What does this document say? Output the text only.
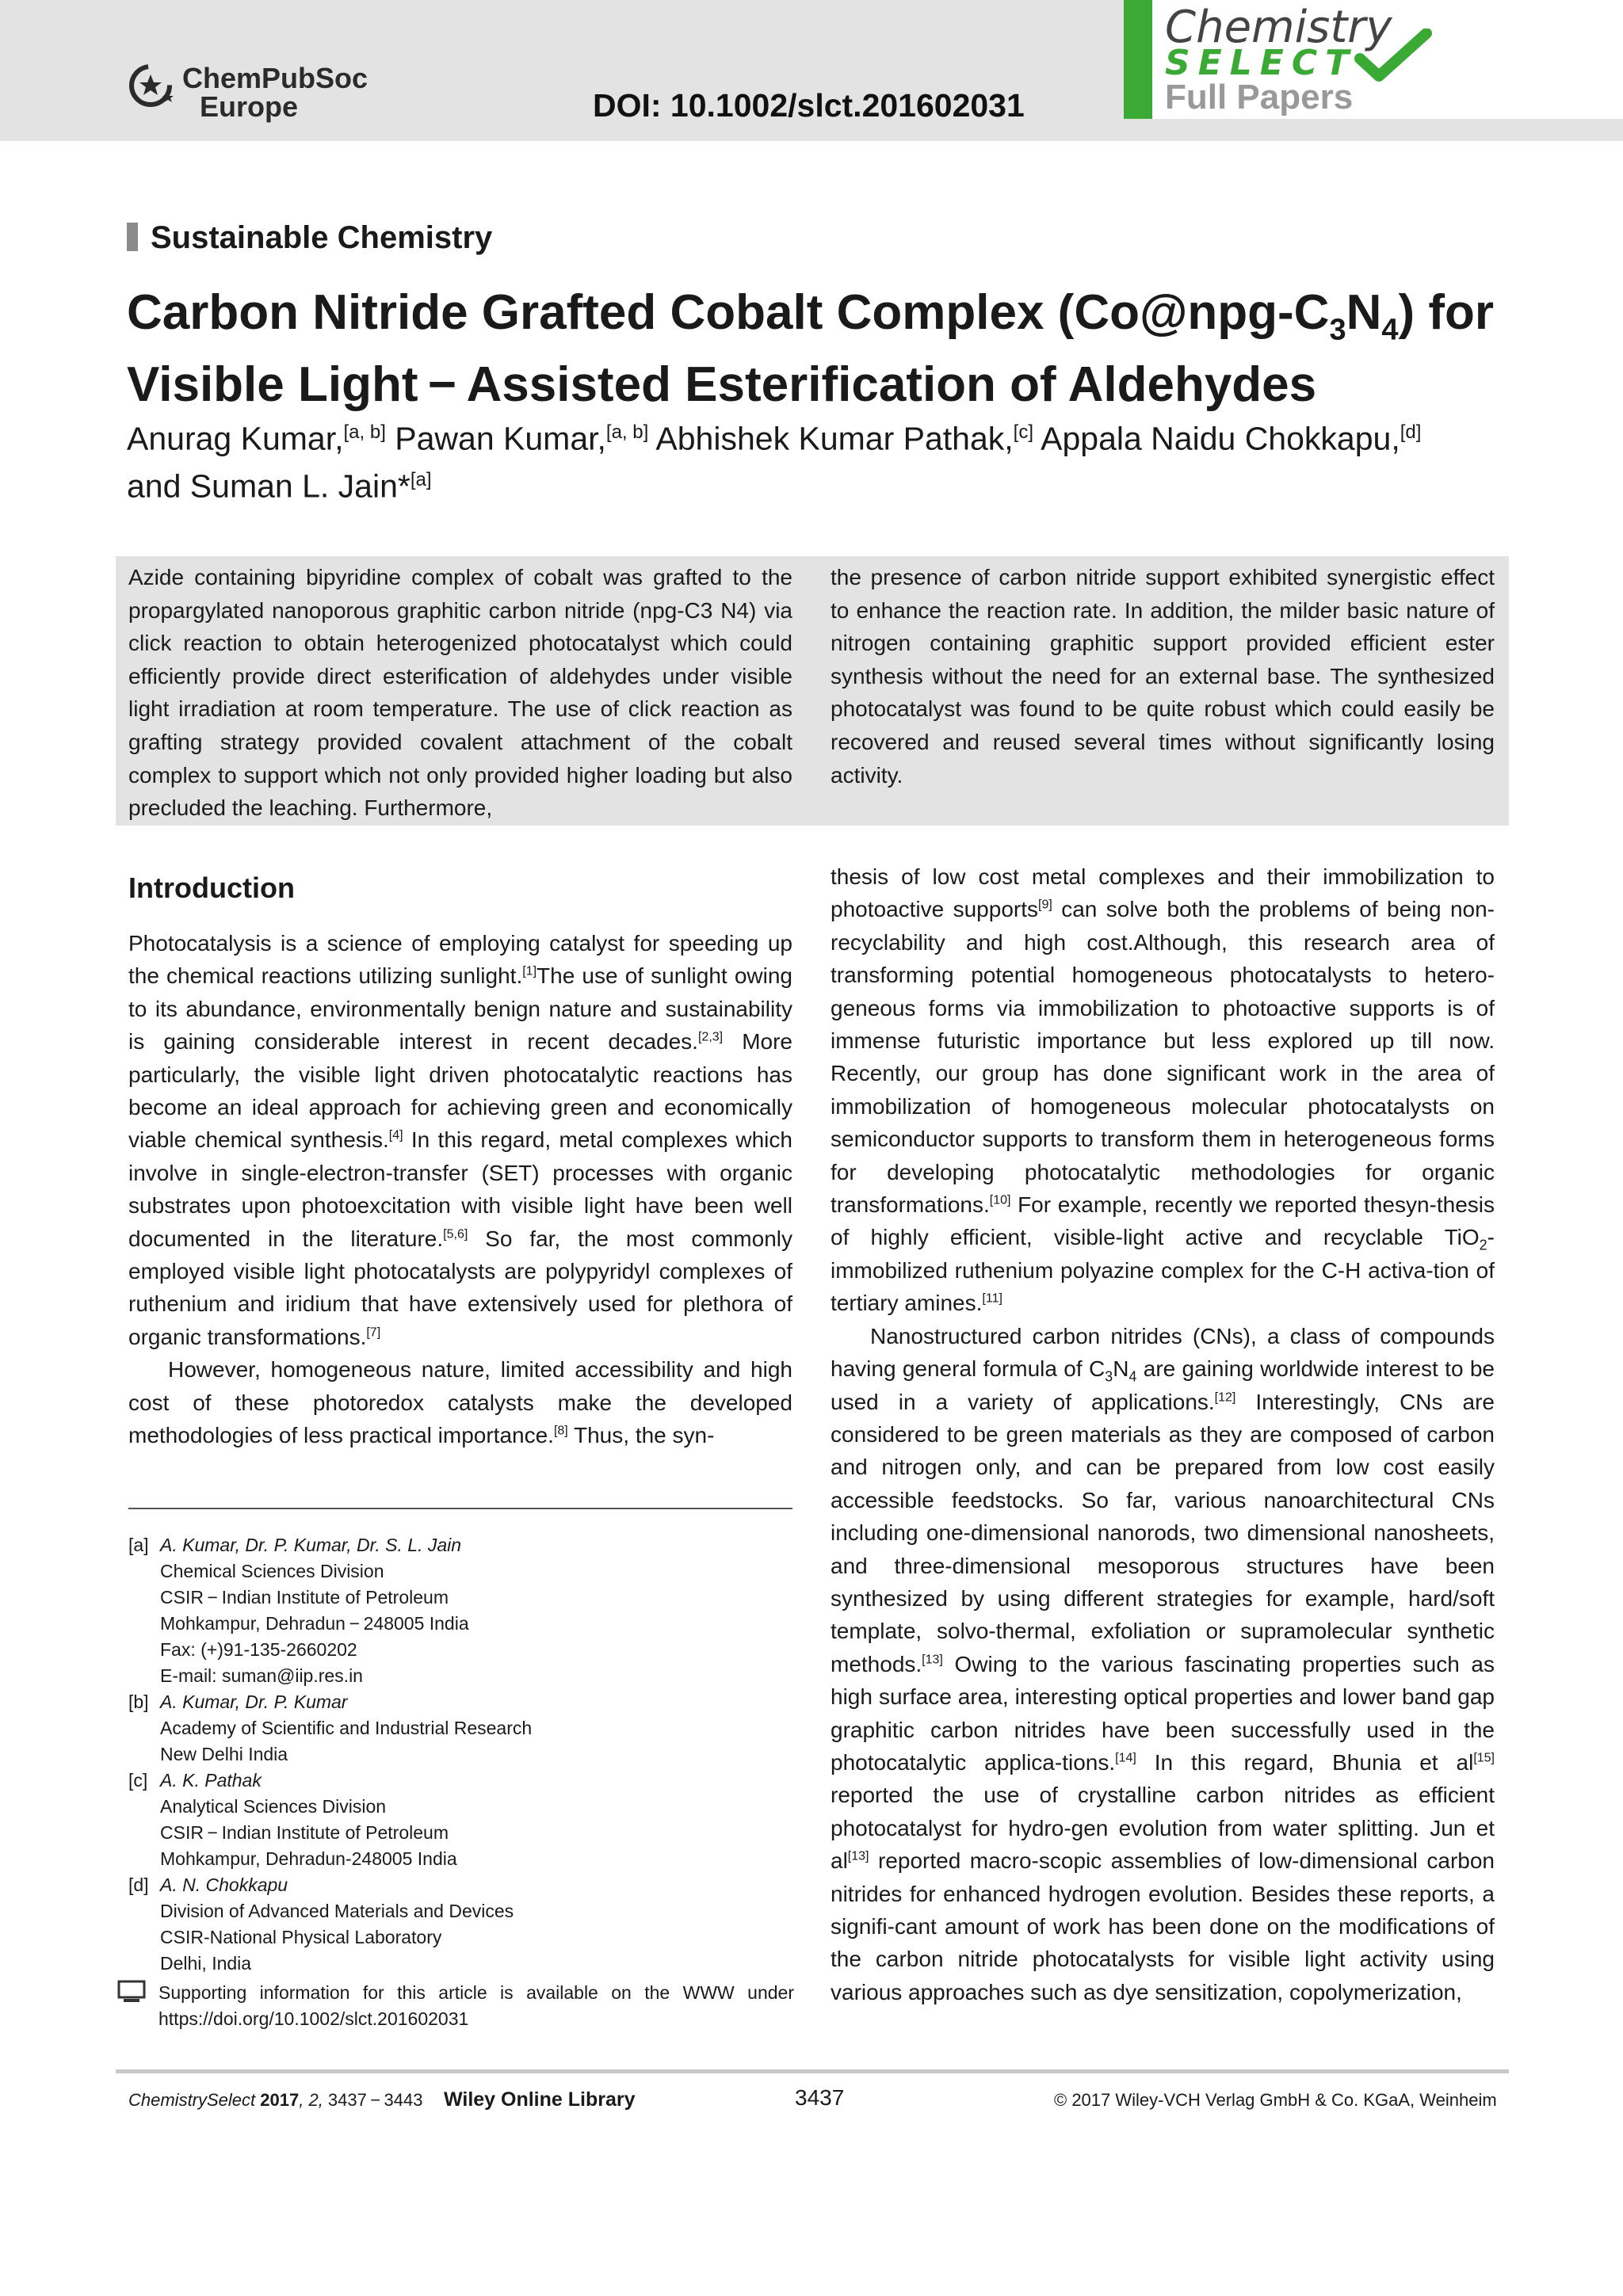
ChemPubSoc
Europe	DOI: 10.1002/slct.201602031
Chemistry
SELECT
Full Papers
Sustainable Chemistry
Carbon Nitride Grafted Cobalt Complex $(Co@npg-C_3N_4)$ for
Visible Light − Assisted Esterification of Aldehydes
Anurag Kumar,[a, b] Pawan Kumar,[a, b] Abhishek Kumar Pathak,[c] Appala Naidu Chokkapu,[d]
and Suman L. Jain*[a]
Azide containing bipyridine complex of cobalt was grafted to the propargylated nanoporous graphitic carbon nitride (npg-C3 N4) via click reaction to obtain heterogenized photocatalyst which could efficiently provide direct esterification of aldehydes under visible light irradiation at room temperature. The use of click reaction as grafting strategy provided covalent attachment of the cobalt complex to support which not only provided higher loading but also precluded the leaching. Furthermore,
the presence of carbon nitride support exhibited synergistic effect to enhance the reaction rate. In addition, the milder basic nature of nitrogen containing graphitic support provided efficient ester synthesis without the need for an external base. The synthesized photocatalyst was found to be quite robust which could easily be recovered and reused several times without significantly losing activity.
Introduction

Photocatalysis is a science of employing catalyst for speeding up the chemical reactions utilizing sunlight.[1]The use of sunlight owing to its abundance, environmentally benign nature and sustainability is gaining considerable interest in recent decades.[2,3] More particularly, the visible light driven photocatalytic reactions has become an ideal approach for achieving green and economically viable chemical synthesis.[4] In this regard, metal complexes which involve in single-electron-transfer (SET) processes with organic substrates upon photoexcitation with visible light have been well documented in the literature.[5,6] So far, the most commonly employed visible light photocatalysts are polypyridyl complexes of ruthenium and iridium that have extensively used for plethora of organic transformations.[7]

However, homogeneous nature, limited accessibility and high cost of these photoredox catalysts make the developed methodologies of less practical importance.[8] Thus, the syn-

thesis of low cost metal complexes and their immobilization to photoactive supports[9] can solve both the problems of being non-recyclability and high cost.Although, this research area of transforming potential homogeneous photocatalysts to hetero-geneous forms via immobilization to photoactive supports is of immense futuristic importance but less explored up till now. Recently, our group has done significant work in the area of immobilization of homogeneous molecular photocatalysts on semiconductor supports to transform them in heterogeneous forms for developing photocatalytic methodologies for organic transformations.[10] For example, recently we reported thesyn-thesis of highly efficient, visible-light active and recyclable TiO$_2$-immobilized ruthenium polyazine complex for the C-H activa-tion of tertiary amines.[11]

Nanostructured carbon nitrides (CNs), a class of compounds having general formula of $C_3N_4$ are gaining worldwide interest to be used in a variety of applications.[12] Interestingly, CNs are considered to be green materials as they are composed of carbon and nitrogen only, and can be prepared from low cost easily accessible feedstocks. So far, various nanoarchitectural CNs including one-dimensional nanorods, two dimensional nanosheets, and three-dimensional mesoporous structures have been synthesized by using different strategies for example, hard/soft template, solvo-thermal, exfoliation or supramolecular synthetic methods.[13] Owing to the various fascinating properties such as high surface area, interesting optical properties and lower band gap graphitic carbon nitrides have been successfully used in the photocatalytic applica-tions.[14] In this regard, Bhunia et al[15] reported the use of crystalline carbon nitrides as efficient photocatalyst for hydro-gen evolution from water splitting. Jun et al[13] reported macro-scopic assemblies of low-dimensional carbon nitrides for enhanced hydrogen evolution. Besides these reports, a signifi-cant amount of work has been done on the modifications of the carbon nitride photocatalysts for visible light activity using various approaches such as dye sensitization, copolymerization,

[a] A. Kumar, Dr. P. Kumar, Dr. S. L. Jain
Chemical Sciences Division
CSIR − Indian Institute of Petroleum
Mohkampur, Dehradun − 248005 India
Fax: (+)91-135-2660202
E-mail: suman@iip.res.in
[b] A. Kumar, Dr. P. Kumar
Academy of Scientific and Industrial Research
New Delhi India
[c] A. K. Pathak
Analytical Sciences Division
CSIR − Indian Institute of Petroleum
Mohkampur, Dehradun-248005 India
[d] A. N. Chokkapu
Division of Advanced Materials and Devices
CSIR-National Physical Laboratory
Delhi, India
Supporting information for this article is available on the WWW under https://doi.org/10.1002/slct.201602031
ChemistrySelect 2017, 2, 3437 − 3443 Wiley Online Library	3437	© 2017 Wiley-VCH Verlag GmbH & Co. KGaA, Weinheim
